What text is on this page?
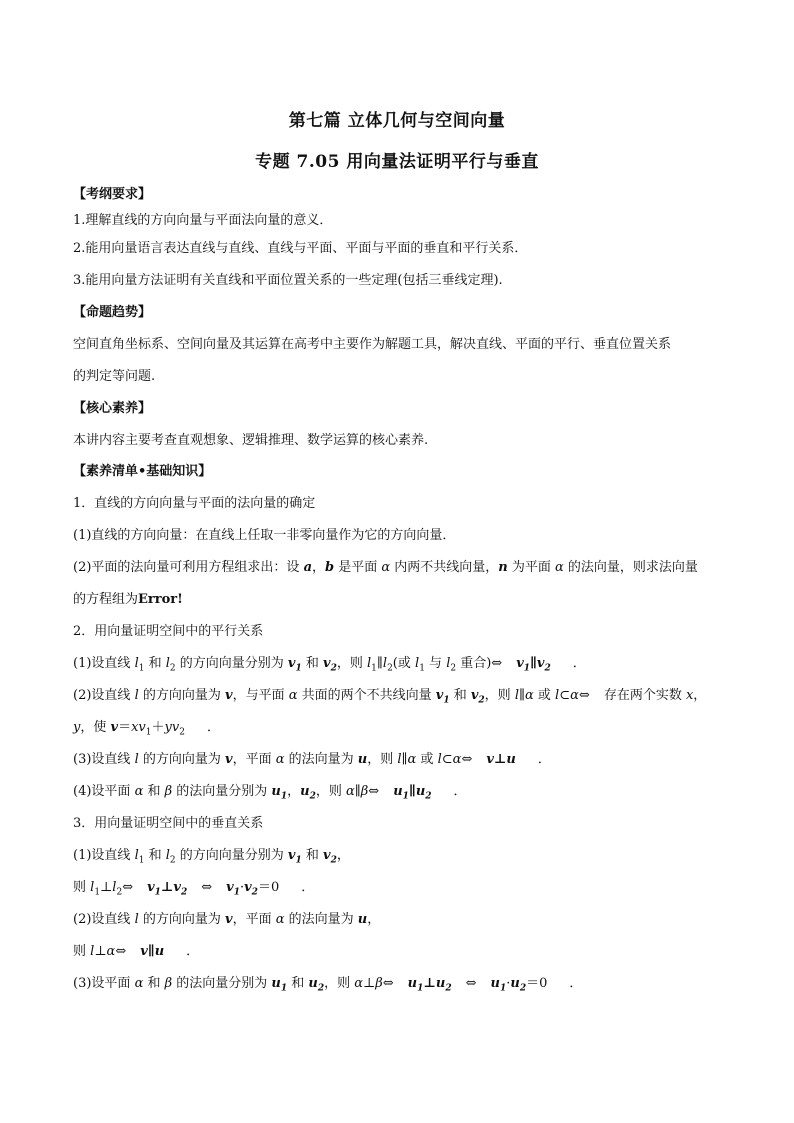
第七篇 立体几何与空间向量
专题 7.05 用向量法证明平行与垂直
【考纲要求】
1.理解直线的方向向量与平面法向量的意义．
2.能用向量语言表达直线与直线、直线与平面、平面与平面的垂直和平行关系．
3.能用向量方法证明有关直线和平面位置关系的一些定理(包括三垂线定理).
【命题趋势】
空间直角坐标系、空间向量及其运算在高考中主要作为解题工具，解决直线、平面的平行、垂直位置关系
的判定等问题.
【核心素养】
本讲内容主要考查直观想象、逻辑推理、数学运算的核心素养.
【素养清单•基础知识】
1．直线的方向向量与平面的法向量的确定
(1)直线的方向向量：在直线上任取一非零向量作为它的方向向量．
(2)平面的法向量可利用方程组求出：设 a，b 是平面 α 内两不共线向量，n 为平面 α 的法向量，则求法向量
的方程组为Error!
2．用向量证明空间中的平行关系
(1)设直线 $l_1$ 和 $l_2$ 的方向向量分别为 $v_1$ 和 $v_2$，则 $l_1\parallel l_2$(或 $l_1$ 与 $l_2$ 重合)⇔ $v_1\parallel v_2$ ．
(2)设直线 l 的方向向量为 v，与平面 α 共面的两个不共线向量 $v_1$ 和 $v_2$，则 l∥α 或 l⊂α⇔ 存在两个实数 x，
y，使 $v=xv_1+yv_2$ ．
(3)设直线 l 的方向向量为 v，平面 α 的法向量为 u，则 l∥α 或 l⊂α⇔ v⊥u ．
(4)设平面 α 和 β 的法向量分别为 $u_1$，$u_2$，则 α∥β⇔ $u_1\parallel u_2$ ．
3．用向量证明空间中的垂直关系
(1)设直线 $l_1$ 和 $l_2$ 的方向向量分别为 $v_1$ 和 $v_2$，
则 $l_1\perp l_2\Leftrightarrow$ $v_1\perp v_2$ ⇔ $v_1\cdot v_2=0$ ．
(2)设直线 l 的方向向量为 v，平面 α 的法向量为 u，
则 l⊥α⇔ v∥u ．
(3)设平面 α 和 β 的法向量分别为 $u_1$ 和 $u_2$，则 α⊥β⇔ $u_1\perp u_2$ ⇔ $u_1\cdot u_2=0$ ．
